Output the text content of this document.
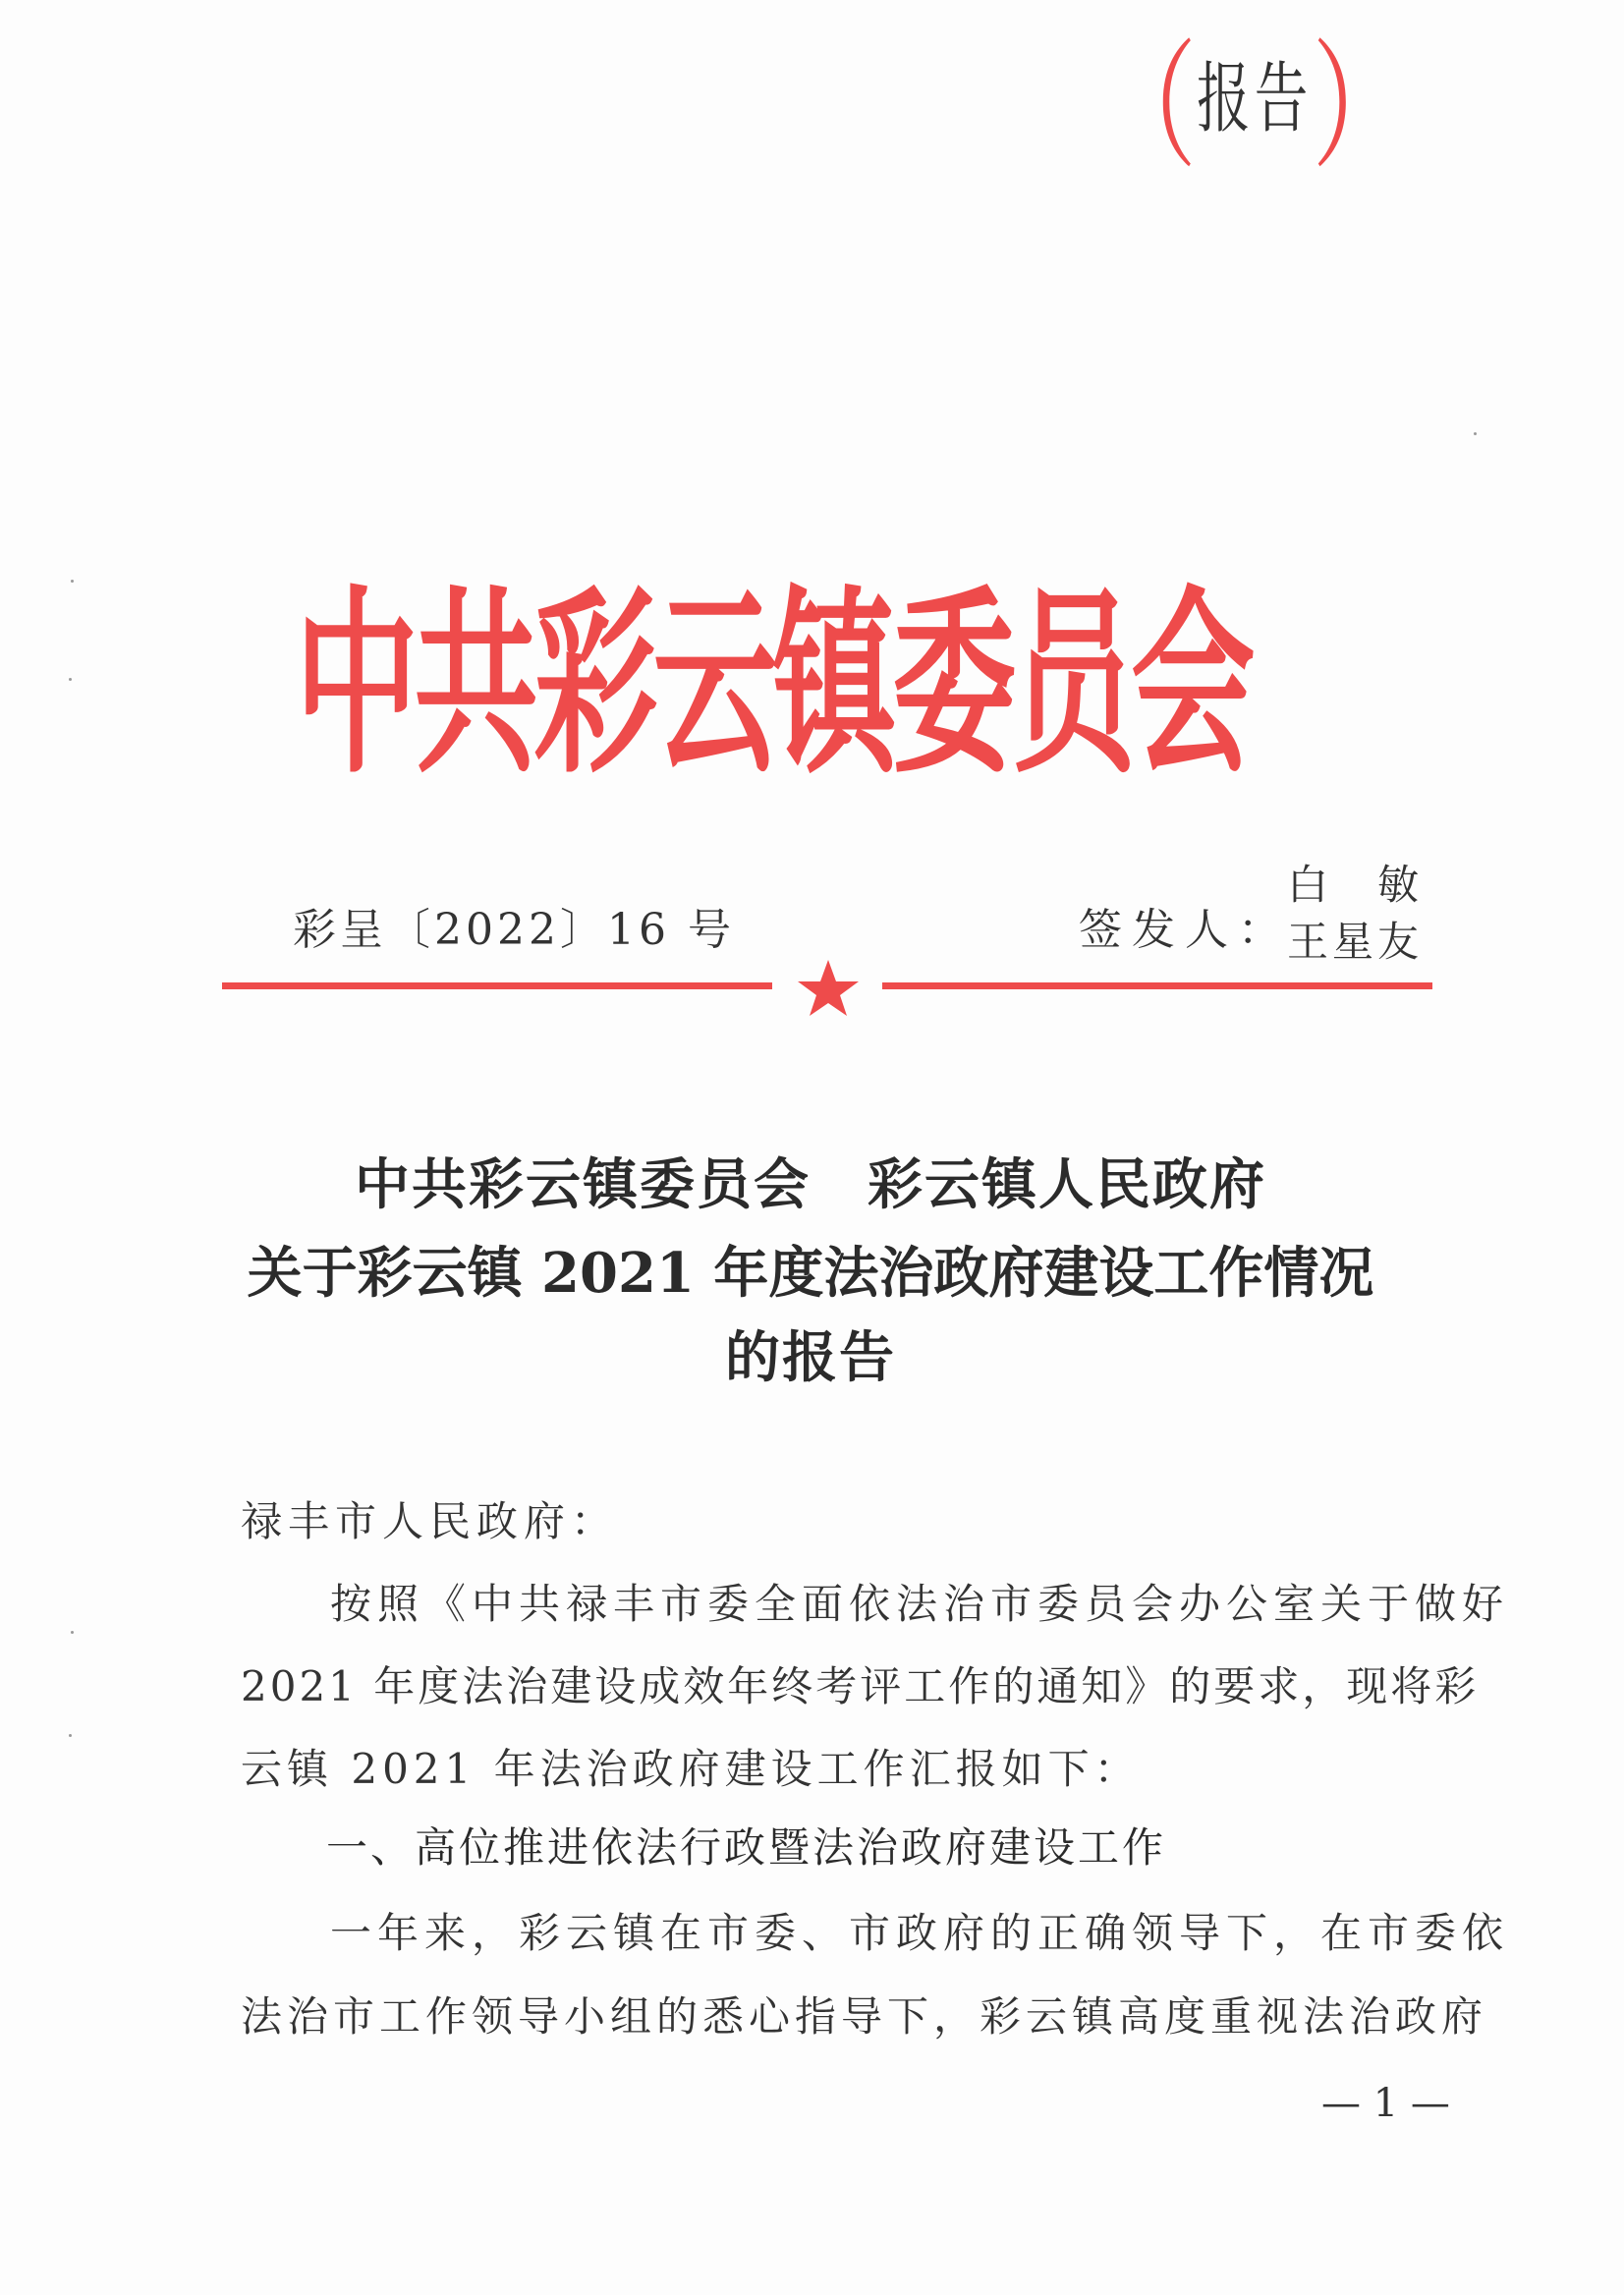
中共彩云镇委员会
（$^{报告}$）
彩呈〔2022〕16 号	签发人：
白　敏
王星友
中共彩云镇委员会　彩云镇人民政府
关于彩云镇 2021 年度法治政府建设工作情况
的报告
禄丰市人民政府：
按照《中共禄丰市委全面依法治市委员会办公室关于做好
2021 年度法治建设成效年终考评工作的通知》的要求，现将彩
云镇 2021 年法治政府建设工作汇报如下：
一、高位推进依法行政暨法治政府建设工作
一年来，彩云镇在市委、市政府的正确领导下，在市委依
法治市工作领导小组的悉心指导下，彩云镇高度重视法治政府
— 1 —
